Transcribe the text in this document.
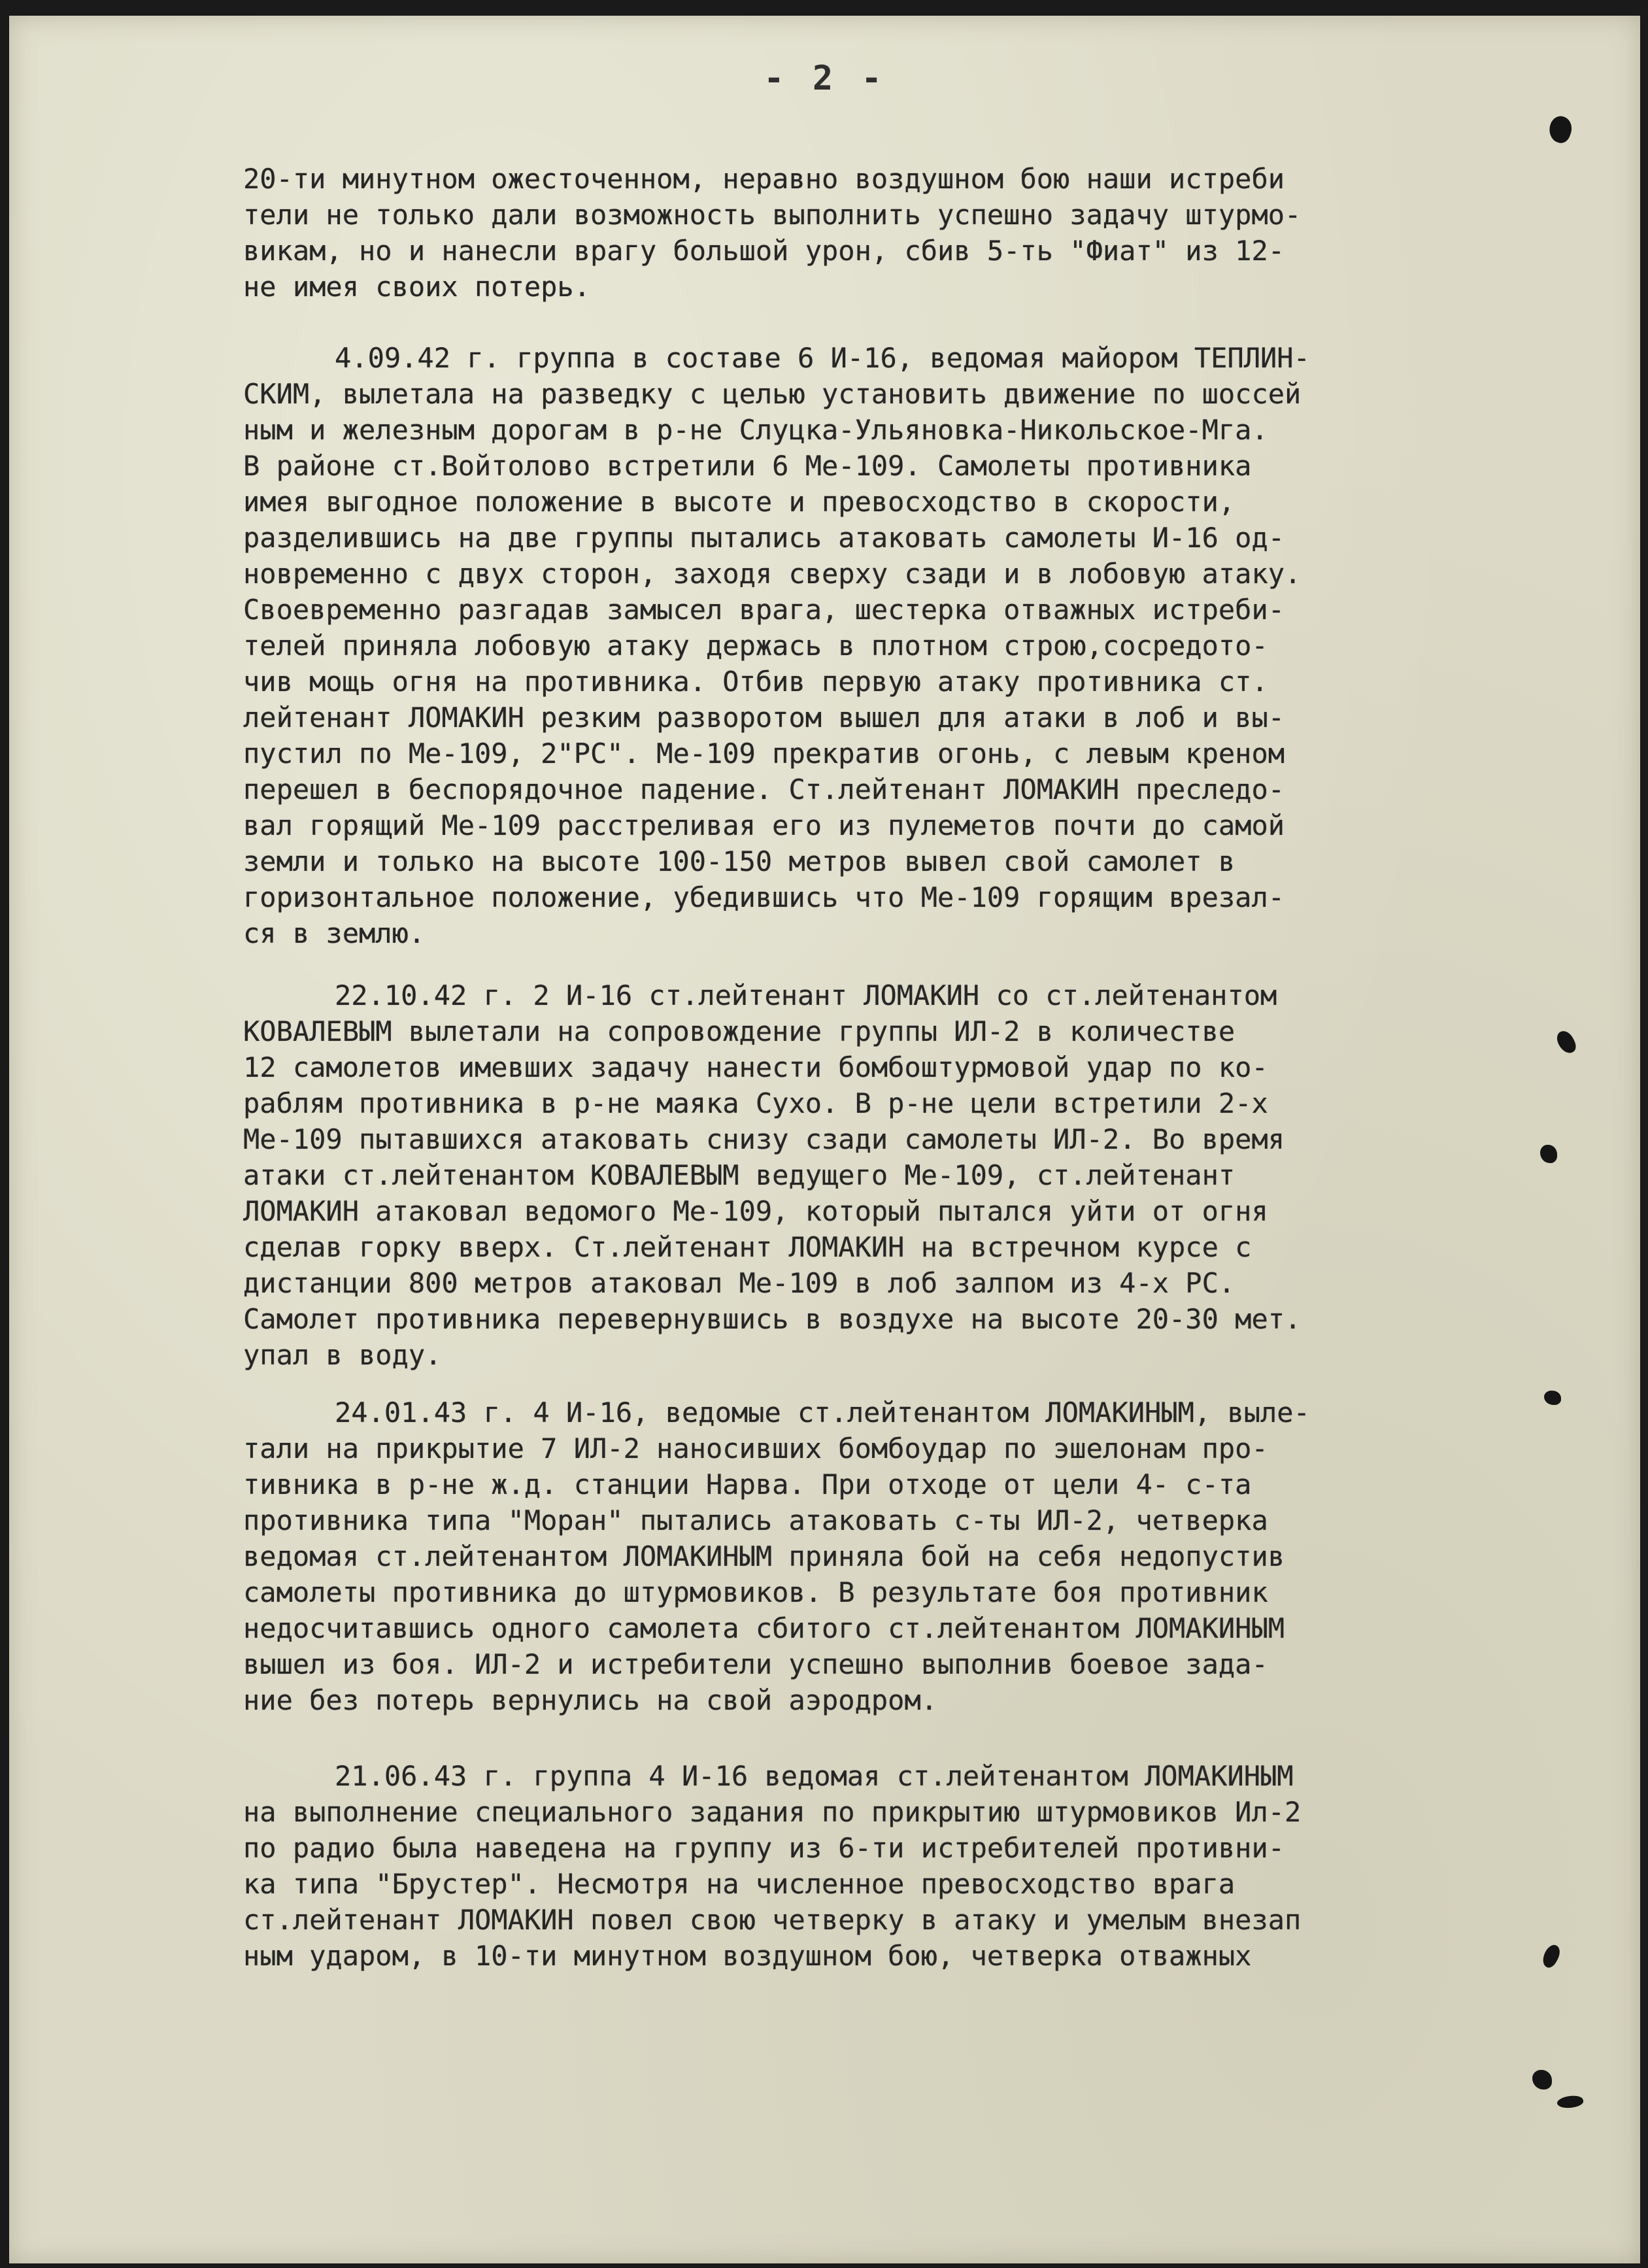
- 2 -
20-ти минутном ожесточенном, неравно воздушном бою наши истреби
тели не только дали возможность выполнить успешно задачу штурмо-
викам, но и нанесли врагу большой урон, сбив 5-ть "Фиат" из 12-
не имея своих потерь.
4.09.42 г. группа в составе 6 И-16, ведомая майором ТЕПЛИН-
СКИМ, вылетала на разведку с целью установить движение по шоссей
ным и железным дорогам в р-не Слуцка-Ульяновка-Никольское-Мга.
В районе ст.Войтолово встретили 6 Ме-109. Самолеты противника
имея выгодное положение в высоте и превосходство в скорости,
разделившись на две группы пытались атаковать самолеты И-16 од-
новременно с двух сторон, заходя сверху сзади и в лобовую атаку.
Своевременно разгадав замысел врага, шестерка отважных истреби-
телей приняла лобовую атаку держась в плотном строю,сосредото-
чив мощь огня на противника. Отбив первую атаку противника ст.
лейтенант ЛОМАКИН резким разворотом вышел для атаки в лоб и вы-
пустил по Ме-109, 2"РС". Ме-109 прекратив огонь, с левым креном
перешел в беспорядочное падение. Ст.лейтенант ЛОМАКИН преследо-
вал горящий Ме-109 расстреливая его из пулеметов почти до самой
земли и только на высоте 100-150 метров вывел свой самолет в
горизонтальное положение, убедившись что Ме-109 горящим врезал-
ся в землю.
22.10.42 г. 2 И-16 ст.лейтенант ЛОМАКИН со ст.лейтенантом
КОВАЛЕВЫМ вылетали на сопровождение группы ИЛ-2 в количестве
12 самолетов имевших задачу нанести бомбоштурмовой удар по ко-
раблям противника в р-не маяка Сухо. В р-не цели встретили 2-х
Ме-109 пытавшихся атаковать снизу сзади самолеты ИЛ-2. Во время
атаки ст.лейтенантом КОВАЛЕВЫМ ведущего Ме-109, ст.лейтенант
ЛОМАКИН атаковал ведомого Ме-109, который пытался уйти от огня
сделав горку вверх. Ст.лейтенант ЛОМАКИН на встречном курсе с
дистанции 800 метров атаковал Ме-109 в лоб залпом из 4-х РС.
Самолет противника перевернувшись в воздухе на высоте 20-30 мет.
упал в воду.
24.01.43 г. 4 И-16, ведомые ст.лейтенантом ЛОМАКИНЫМ, выле-
тали на прикрытие 7 ИЛ-2 наносивших бомбоудар по эшелонам про-
тивника в р-не ж.д. станции Нарва. При отходе от цели 4- с-та
противника типа "Моран" пытались атаковать с-ты ИЛ-2, четверка
ведомая ст.лейтенантом ЛОМАКИНЫМ приняла бой на себя недопустив
самолеты противника до штурмовиков. В результате боя противник
недосчитавшись одного самолета сбитого ст.лейтенантом ЛОМАКИНЫМ
вышел из боя. ИЛ-2 и истребители успешно выполнив боевое зада-
ние без потерь вернулись на свой аэродром.
21.06.43 г. группа 4 И-16 ведомая ст.лейтенантом ЛОМАКИНЫМ
на выполнение специального задания по прикрытию штурмовиков Ил-2
по радио была наведена на группу из 6-ти истребителей противни-
ка типа "Брустер". Несмотря на численное превосходство врага
ст.лейтенант ЛОМАКИН повел свою четверку в атаку и умелым внезап
ным ударом, в 10-ти минутном воздушном бою, четверка отважных
